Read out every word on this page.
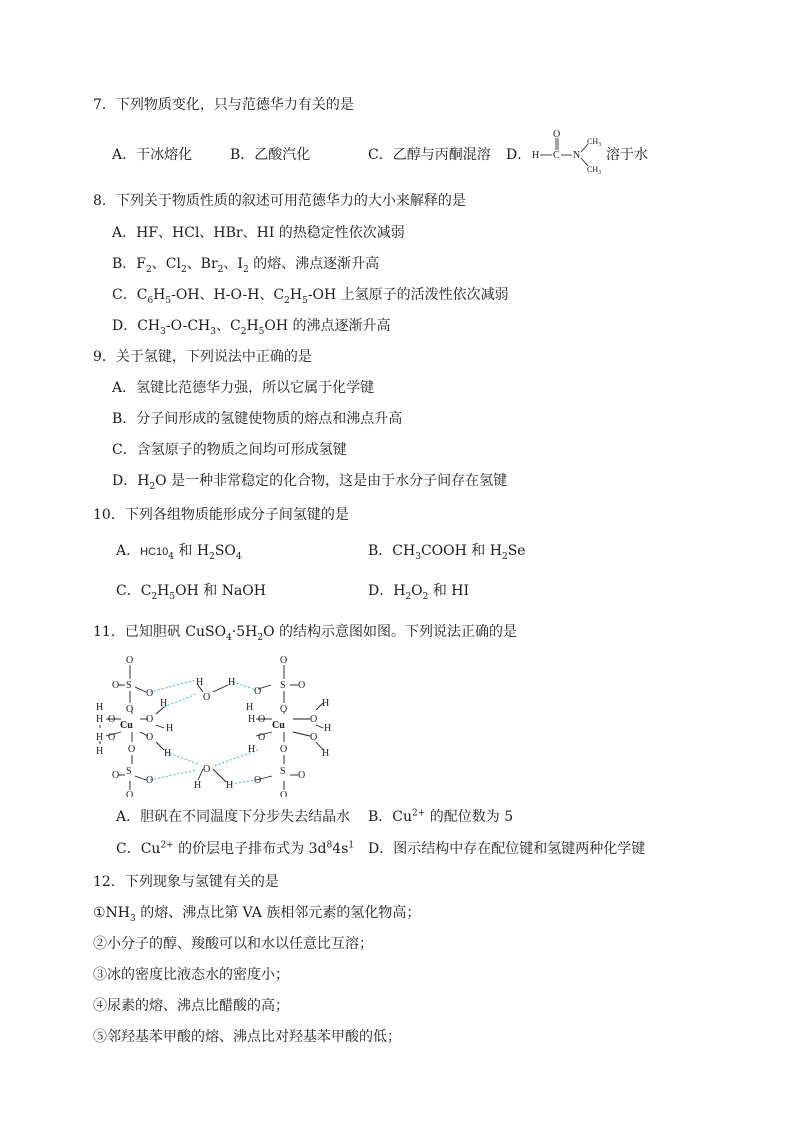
7．下列物质变化，只与范德华力有关的是
A．干冰熔化	B．乙酸汽化	C．乙醇与丙酮混溶 D． H C
O
N
$CH_3$
$CH_3$
溶于水
8．下列关于物质性质的叙述可用范德华力的大小来解释的是
A．HF、HCl、HBr、HI 的热稳定性依次减弱
B．$F_2$、$Cl_2$、$Br_2$、$I_2$ 的熔、沸点逐渐升高
C．$C_6H_5-OH$、H-O-H、$C_2H_5-OH$ 上氢原子的活泼性依次减弱
D．$CH_3-O-CH_3$、$C_2H_5OH$ 的沸点逐渐升高
9．关于氢键，下列说法中正确的是
A．氢键比范德华力强，所以它属于化学键
B．分子间形成的氢键使物质的熔点和沸点升高
C．含氢原子的物质之间均可形成氢键
D．$H_2O$ 是一种非常稳定的化合物，这是由于水分子间存在氢键
10．下列各组物质能形成分子间氢键的是
A．$HC10_4$ 和 $H_2SO_4$	B．$CH_3COOH$ 和 $H_2Se$
C．$C_2H_5OH$ 和 NaOH	D．$H_2O_2$ 和 HI
11．已知胆矾 $CuSO_4\cdot 5H_2O$ 的结构示意图如图。下列说法正确的是
O
S
O
O
O
H
H O
Cu
O
H
H
H O
H
O
H
O
S
O	O
O
H
O
H
O
H H
O
S
O
O
O
H
H O
Cu
O
H
H
O
H
O
H
O
O
S O
O
A．胆矾在不同温度下分步失去结晶水 B．$Cu^{2+}$ 的配位数为 5
C．$Cu^{2+}$ 的价层电子排布式为 $3d^84s^1$ D．图示结构中存在配位键和氢键两种化学键
12．下列现象与氢键有关的是
$①NH_3$ 的熔、沸点比第 VA 族相邻元素的氢化物高；
②小分子的醇、羧酸可以和水以任意比互溶；
③冰的密度比液态水的密度小；
④尿素的熔、沸点比醋酸的高；
⑤邻羟基苯甲酸的熔、沸点比对羟基苯甲酸的低；
